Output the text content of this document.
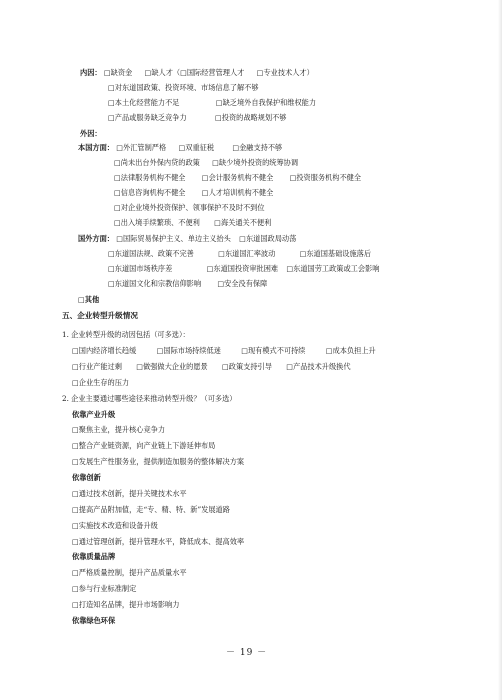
内因： □缺资金 □缺人才（□国际经营管理人才 □专业技术人才）
□对东道国政策、投资环境、市场信息了解不够
□本土化经营能力不足	□缺乏境外自我保护和维权能力
□产品或服务缺乏竞争力	□投资的战略规划不够
外因：
本国方面： □外汇管制严格 □双重征税	□金融支持不够
□尚未出台外保内贷的政策 □缺少境外投资的统筹协调
□法律服务机构不健全 □会计服务机构不健全 □投资服务机构不健全
□信息咨询机构不健全 □人才培训机构不健全
□对企业境外投资保护、领事保护不及时不到位
□出入境手续繁琐、不便利 □海关通关不便利
国外方面： □国际贸易保护主义、单边主义抬头 □东道国政局动荡
□东道国法规、政策不完善	□东道国汇率波动	□东道国基础设施落后
□东道国市场秩序差	□东道国投资审批困难 □东道国劳工政策或工会影响
□东道国文化和宗教信仰影响 □安全没有保障
□其他
五、企业转型升级情况
1. 企业转型升级的动因包括（可多选）：
□国内经济增长趋缓	□国际市场持续低迷	□现有模式不可持续	□成本负担上升
□行业产能过剩 □做强做大企业的愿景 □政策支持引导 □产品技术升级换代
□企业生存的压力
2. 企业主要通过哪些途径来推动转型升级？（可多选）
依靠产业升级
□聚焦主业，提升核心竞争力
□整合产业链资源，向产业链上下游延伸布局
□发展生产性服务业，提供制造加服务的整体解决方案
依靠创新
□通过技术创新，提升关键技术水平
□提高产品附加值，走“专、精、特、新”发展道路
□实施技术改造和设备升级
□通过管理创新，提升管理水平，降低成本、提高效率
依靠质量品牌
□严格质量控制，提升产品质量水平
□参与行业标准制定
□打造知名品牌，提升市场影响力
依靠绿色环保
－ 19 －
